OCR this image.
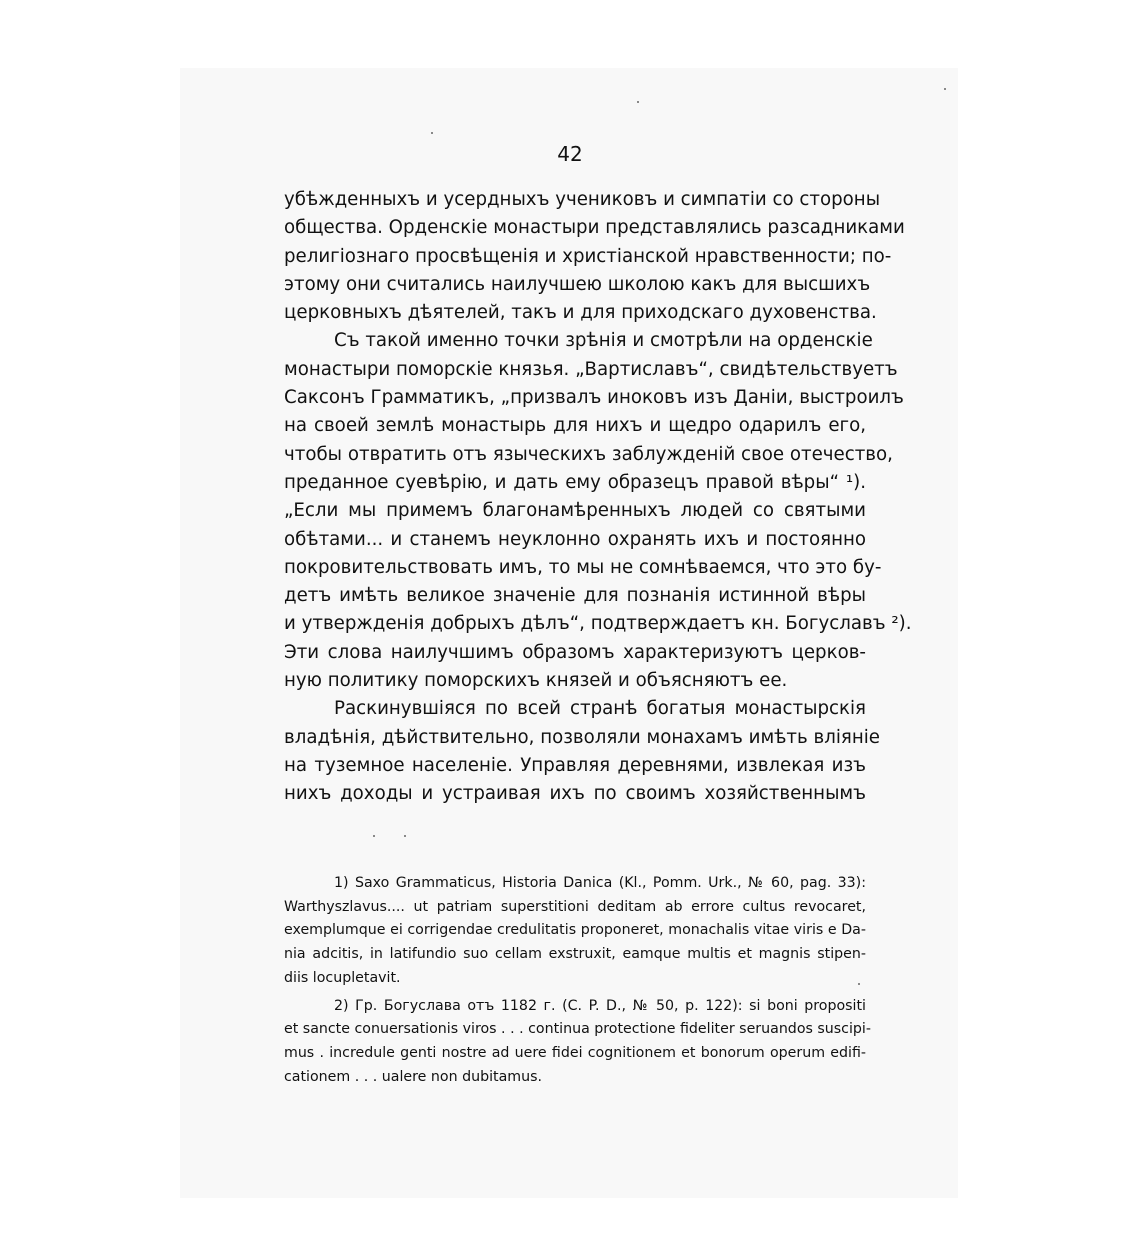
42

убѣжденныхъ и усердныхъ учениковъ и симпатіи со стороны

общества. Орденскіе монастыри представлялись разсадниками

религіознаго просвѣщенія и христіанской нравственности; по-

этому они считались наилучшею школою какъ для высшихъ

церковныхъ дѣятелей, такъ и для приходскаго духовенства.

Съ такой именно точки зрѣнія и смотрѣли на орденскіе

монастыри поморскіе князья. „Вартиславъ“, свидѣтельствуетъ

Саксонъ Грамматикъ, „призвалъ иноковъ изъ Даніи, выстроилъ

на своей землѣ монастырь для нихъ и щедро одарилъ его,

чтобы отвратить отъ языческихъ заблужденій свое отечество,

преданное суевѣрію, и дать ему образецъ правой вѣры“ ¹).

„Если мы примемъ благонамѣренныхъ людей со святыми

обѣтами... и станемъ неуклонно охранять ихъ и постоянно

покровительствовать имъ, то мы не сомнѣваемся, что это бу-

детъ имѣть великое значеніе для познанія истинной вѣры

и утвержденія добрыхъ дѣлъ“, подтверждаетъ кн. Богуславъ ²).

Эти слова наилучшимъ образомъ характеризуютъ церков-

ную политику поморскихъ князей и объясняютъ ее.

Раскинувшіяся по всей странѣ богатыя монастырскія

владѣнія, дѣйствительно, позволяли монахамъ имѣть вліяніе

на туземное населеніе. Управляя деревнями, извлекая изъ

нихъ доходы и устраивая ихъ по своимъ хозяйственнымъ

1) Saxo Grammaticus, Historia Danica (Kl., Pomm. Urk., № 60, pag. 33):

Warthyszlavus.... ut patriam superstitioni deditam ab errore cultus revocaret,

exemplumque ei corrigendae credulitatis proponeret, monachalis vitae viris e Da-

nia adcitis, in latifundio suo cellam exstruxit, eamque multis et magnis stipen-

diis locupletavit.

2) Гр. Богуслава отъ 1182 г. (C. P. D., № 50, p. 122): si boni propositi

et sancte conuersationis viros . . . continua protectione fideliter seruandos suscipi-

mus . incredule genti nostre ad uere fidei cognitionem et bonorum operum edifi-

cationem . . . ualere non dubitamus.
